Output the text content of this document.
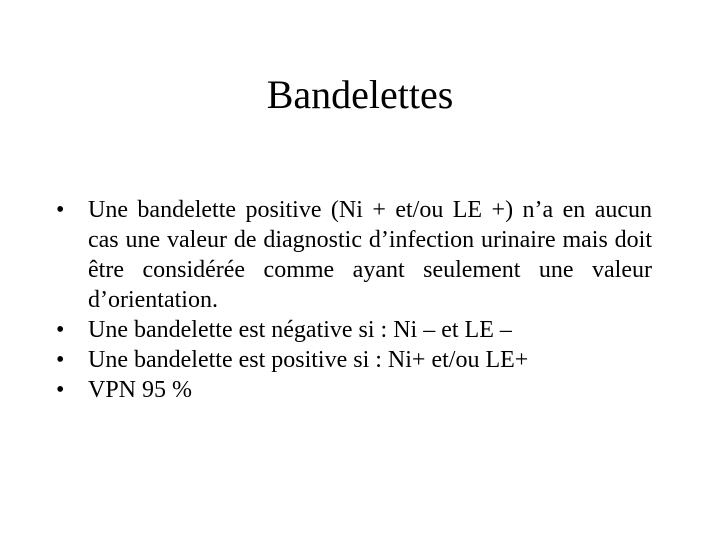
Bandelettes
• Une bandelette positive (Ni + et/ou LE +) n’a en aucun cas une valeur de diagnostic d’infection urinaire mais doit être considérée comme ayant seulement une valeur d’orientation.
• Une bandelette est négative si : Ni – et LE –
• Une bandelette est positive si : Ni+ et/ou LE+
• VPN 95 %
